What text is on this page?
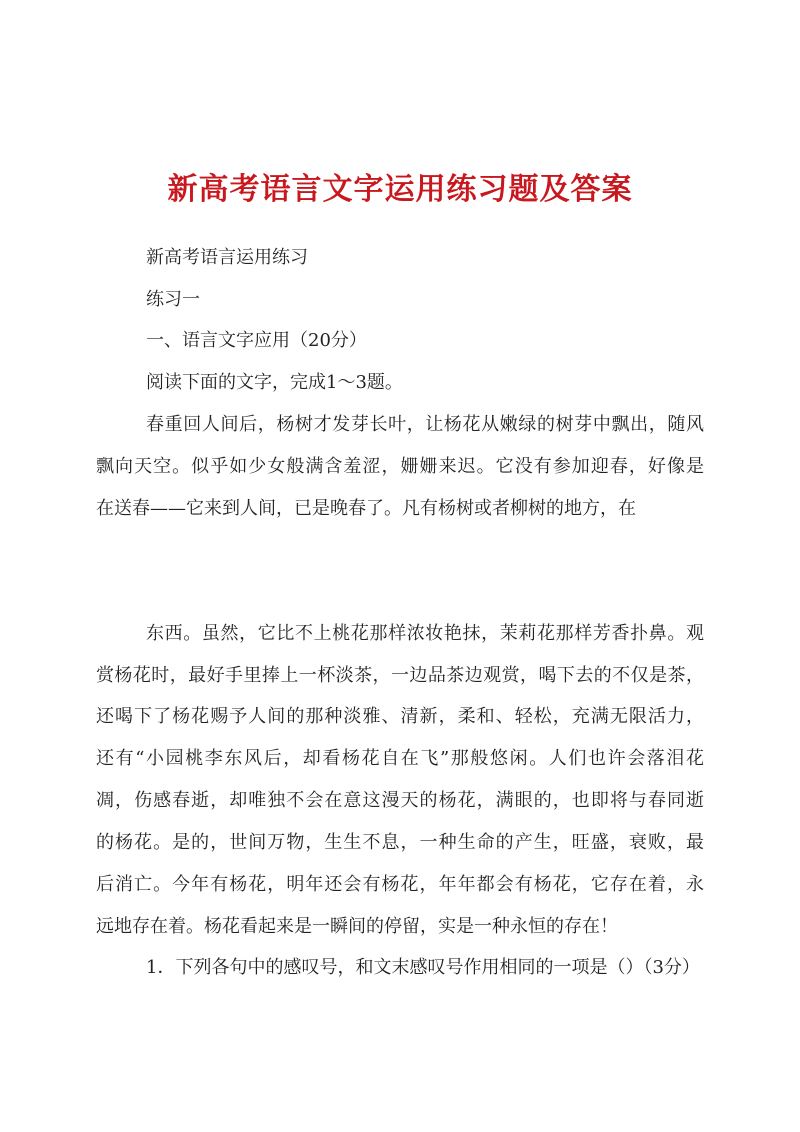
新高考语言文字运用练习题及答案
新高考语言运用练习
练习一
一、语言文字应用（20分）
阅读下面的文字，完成1～3题。
春重回人间后，杨树才发芽长叶，让杨花从嫩绿的树芽中飘出，随风
飘向天空。似乎如少女般满含羞涩，姗姗来迟。它没有参加迎春，好像是
在送春——它来到人间，已是晚春了。凡有杨树或者柳树的地方，在
东西。虽然，它比不上桃花那样浓妆艳抹，茉莉花那样芳香扑鼻。观
赏杨花时，最好手里捧上一杯淡茶，一边品茶边观赏，喝下去的不仅是茶，
还喝下了杨花赐予人间的那种淡雅、清新，柔和、轻松，充满无限活力，
还有“小园桃李东风后，却看杨花自在飞”那般悠闲。人们也许会落泪花
凋，伤感春逝，却唯独不会在意这漫天的杨花，满眼的，也即将与春同逝
的杨花。是的，世间万物，生生不息，一种生命的产生，旺盛，衰败，最
后消亡。今年有杨花，明年还会有杨花，年年都会有杨花，它存在着，永
远地存在着。杨花看起来是一瞬间的停留，实是一种永恒的存在！
1．下列各句中的感叹号，和文末感叹号作用相同的一项是（）（3分）
